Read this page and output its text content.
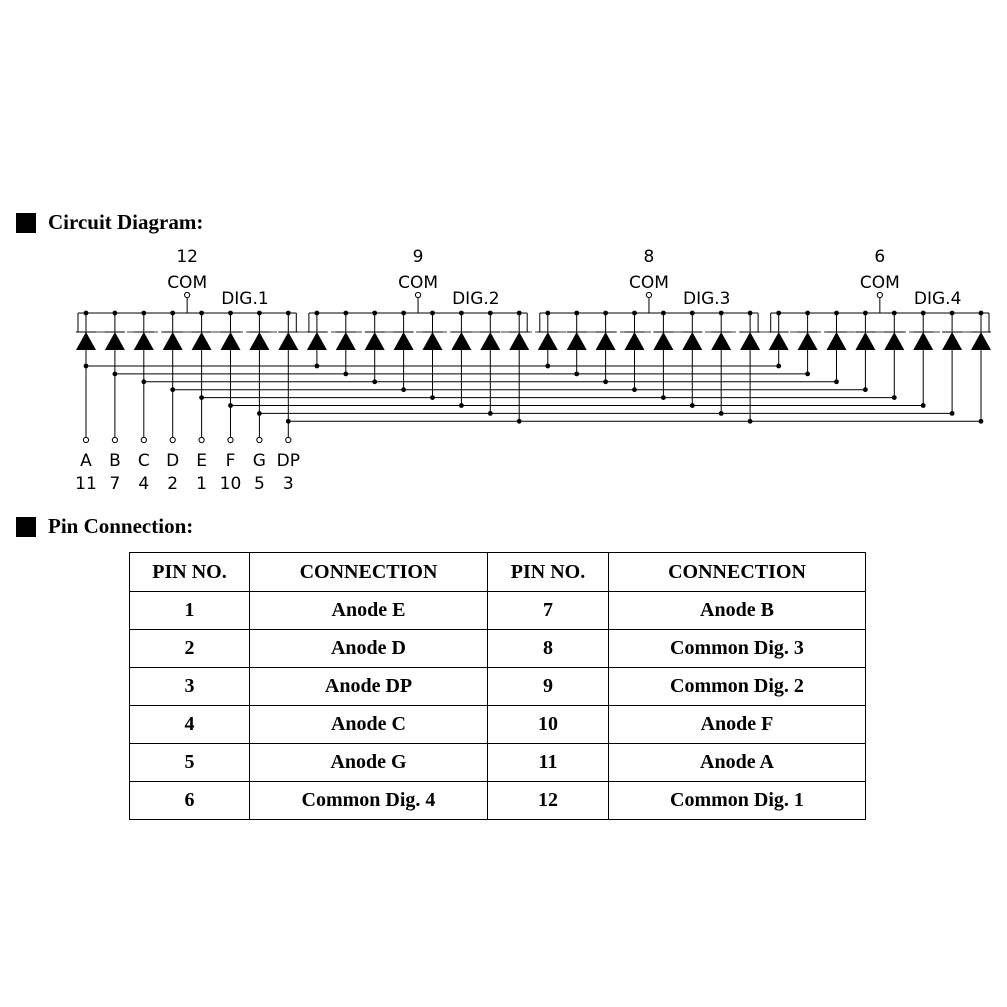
Circuit Diagram:
12
COM
DIG.1
9
COM
DIG.2
8
COM
DIG.3
6
COM
DIG.4
A
11
B
7
C
4
D
2
E
1
F
10
G
5
DP
3
Pin Connection:
PIN NO.	CONNECTION	PIN NO.	CONNECTION
1	Anode E	7	Anode B
2	Anode D	8	Common Dig. 3
3	Anode DP	9	Common Dig. 2
4	Anode C	10	Anode F
5	Anode G	11	Anode A
6	Common Dig. 4	12	Common Dig. 1
